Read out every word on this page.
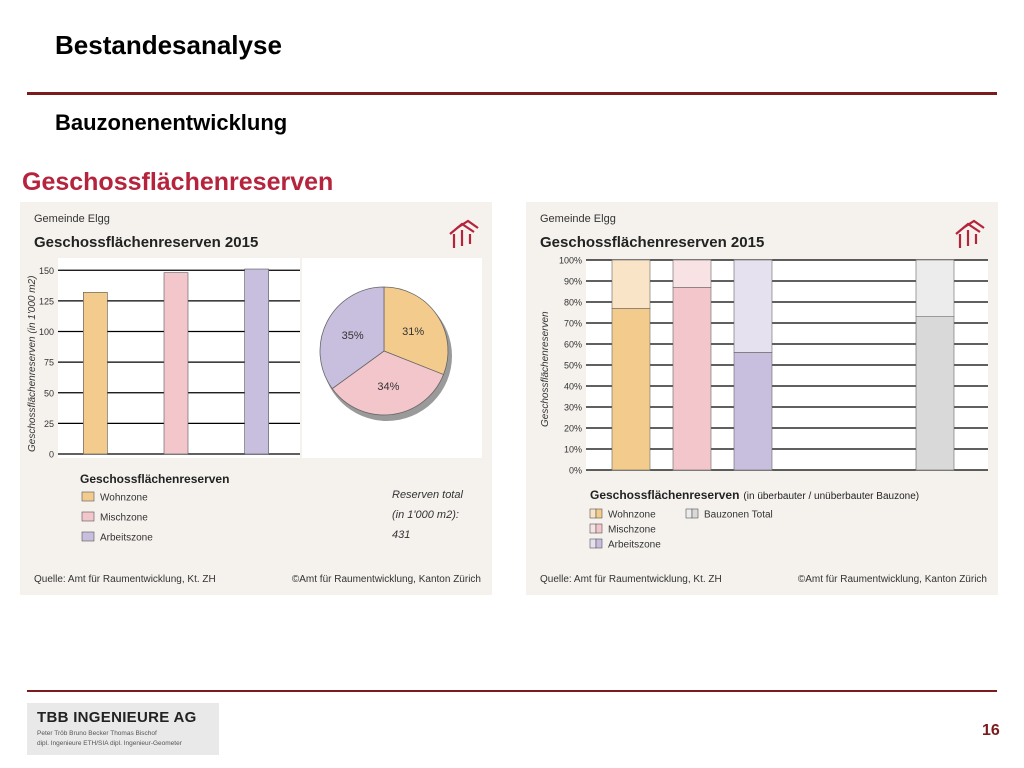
Bestandesanalyse
Bauzonenentwicklung
Geschossflächenreserven
Gemeinde Elgg
Geschossflächenreserven 2015
0
25
50
75
100
125
150
Geschossflächenreserven (in 1'000 m2)	31%
34%
35%
Geschossflächenreserven
Wohnzone
Mischzone
Arbeitszone
Reserven total
(in 1'000 m2):
431
Quelle: Amt für Raumentwicklung, Kt. ZH	©Amt für Raumentwicklung, Kanton Zürich
Gemeinde Elgg
Geschossflächenreserven 2015
0%
10%
20%
30%
40%
50%
60%
70%
80%
90%
100%
Geschossflächenreserven
Geschossflächenreserven (in überbauter / unüberbauter Bauzone)
Wohnzone
Mischzone
Arbeitszone
Bauzonen Total
Quelle: Amt für Raumentwicklung, Kt. ZH	©Amt für Raumentwicklung, Kanton Zürich
TBB INGENIEURE AG
Peter Tröb Bruno Becker Thomas Bischof
dipl. Ingenieure ETH/SIA dipl. Ingenieur-Geometer
16
